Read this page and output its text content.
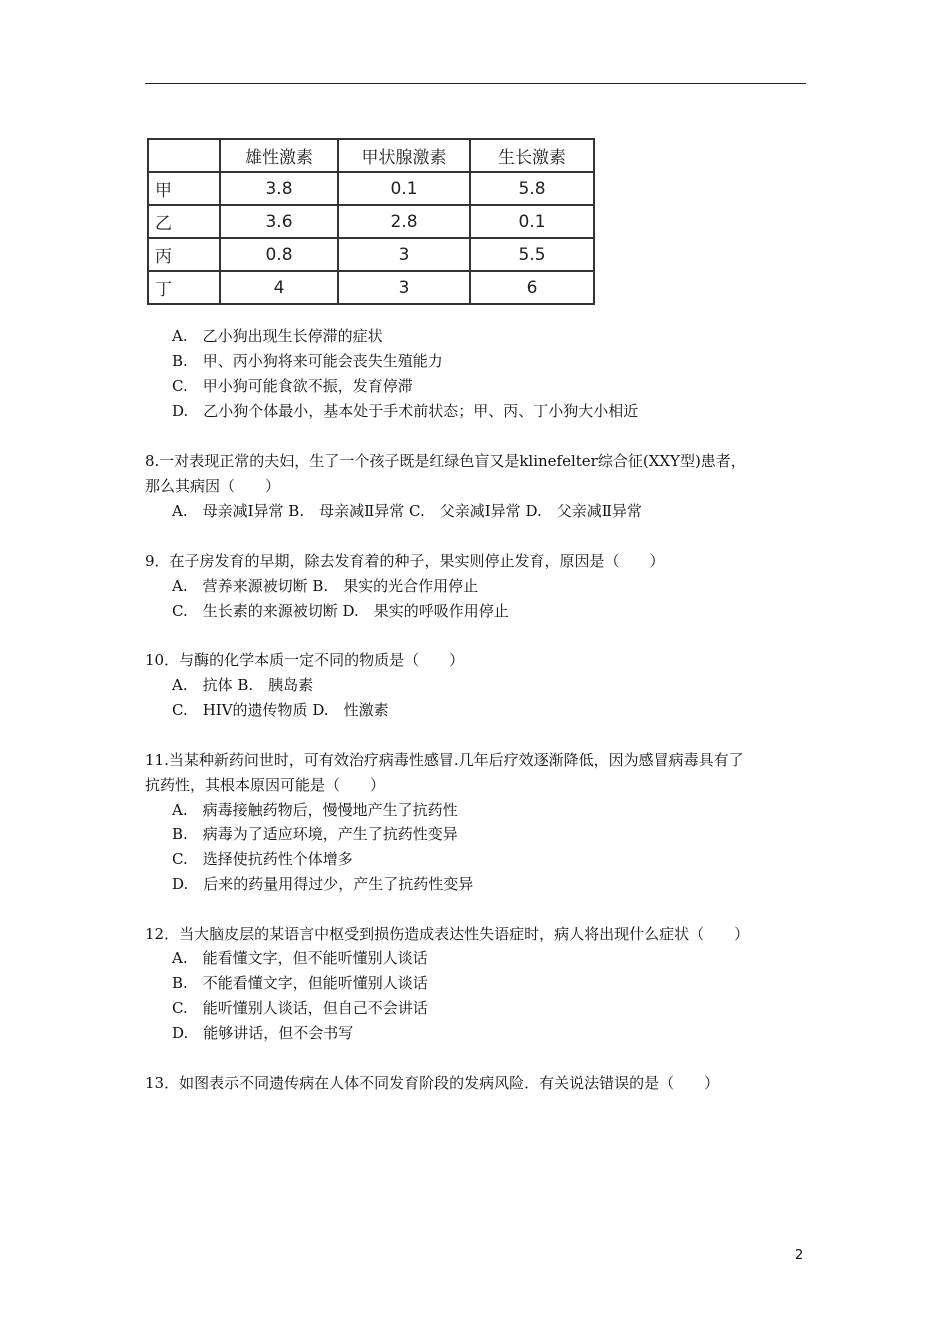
	雄性激素	甲状腺激素	生长激素
甲	3.8	0.1	5.8
乙	3.6	2.8	0.1
丙	0.8	3	5.5
丁	4	3	6
A.　乙小狗出现生长停滞的症状
B.　甲、丙小狗将来可能会丧失生殖能力
C.　甲小狗可能食欲不振，发育停滞
D.　乙小狗个体最小，基本处于手术前状态；甲、丙、丁小狗大小相近
8.一对表现正常的夫妇，生了一个孩子既是红绿色盲又是klinefelter综合征(XXY型)患者，
那么其病因（　　）
A.　母亲减Ⅰ异常 B.　母亲减Ⅱ异常 C.　父亲减Ⅰ异常 D.　父亲减Ⅱ异常
9．在子房发育的早期，除去发育着的种子，果实则停止发育，原因是（　　）
A.　营养来源被切断 B.　果实的光合作用停止
C.　生长素的来源被切断 D.　果实的呼吸作用停止
10．与酶的化学本质一定不同的物质是（　　）
A.　抗体 B.　胰岛素
C.　HIV的遗传物质 D.　性激素
11.当某种新药问世时，可有效治疗病毒性感冒.几年后疗效逐渐降低，因为感冒病毒具有了
抗药性，其根本原因可能是（　　）
A.　病毒接触药物后，慢慢地产生了抗药性
B.　病毒为了适应环境，产生了抗药性变异
C.　选择使抗药性个体增多
D.　后来的药量用得过少，产生了抗药性变异
12．当大脑皮层的某语言中枢受到损伤造成表达性失语症时，病人将出现什么症状（　　）
A.　能看懂文字，但不能听懂别人谈话
B.　不能看懂文字，但能听懂别人谈话
C.　能听懂别人谈话，但自己不会讲话
D.　能够讲话，但不会书写
13．如图表示不同遗传病在人体不同发育阶段的发病风险．有关说法错误的是（　　）
2
